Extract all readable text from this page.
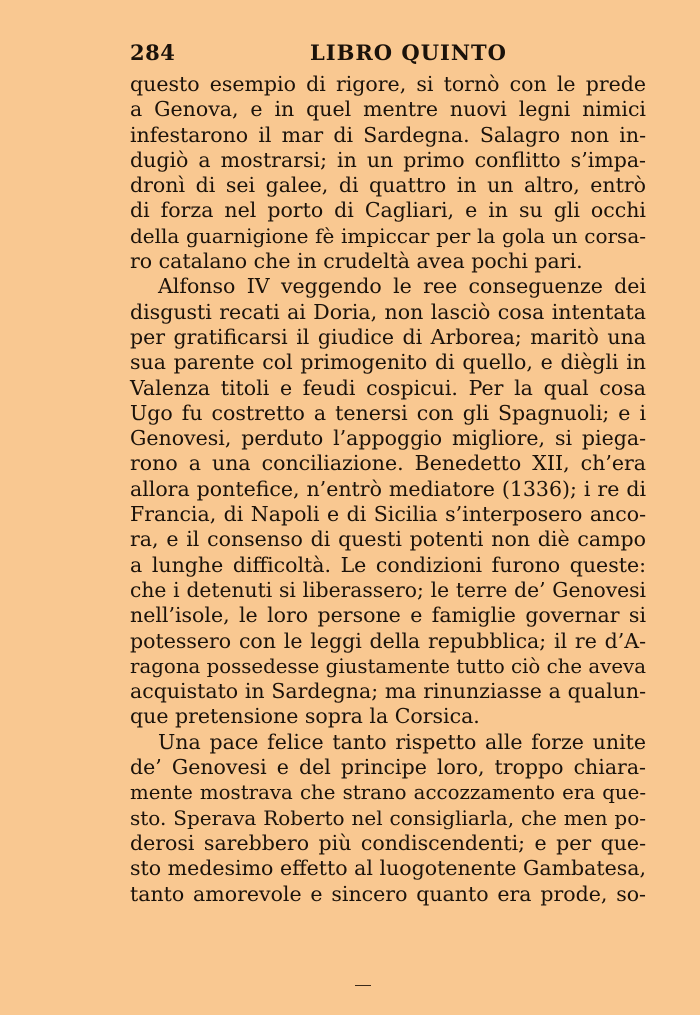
284	LIBRO QUINTO
questo esempio di rigore, si tornò con le prede
a Genova, e in quel mentre nuovi legni nimici
infestarono il mar di Sardegna. Salagro non in-
dugiò a mostrarsi; in un primo conflitto s’impa-
dronì di sei galee, di quattro in un altro, entrò
di forza nel porto di Cagliari, e in su gli occhi
della guarnigione fè impiccar per la gola un corsa-
ro catalano che in crudeltà avea pochi pari.
Alfonso IV veggendo le ree conseguenze dei
disgusti recati ai Doria, non lasciò cosa intentata
per gratificarsi il giudice di Arborea; maritò una
sua parente col primogenito di quello, e diègli in
Valenza titoli e feudi cospicui. Per la qual cosa
Ugo fu costretto a tenersi con gli Spagnuoli; e i
Genovesi, perduto l’appoggio migliore, si piega-
rono a una conciliazione. Benedetto XII, ch’era
allora pontefice, n’entrò mediatore (1336); i re di
Francia, di Napoli e di Sicilia s’interposero anco-
ra, e il consenso di questi potenti non diè campo
a lunghe difficoltà. Le condizioni furono queste:
che i detenuti si liberassero; le terre de’ Genovesi
nell’isole, le loro persone e famiglie governar si
potessero con le leggi della repubblica; il re d’A-
ragona possedesse giustamente tutto ciò che aveva
acquistato in Sardegna; ma rinunziasse a qualun-
que pretensione sopra la Corsica.
Una pace felice tanto rispetto alle forze unite
de’ Genovesi e del principe loro, troppo chiara-
mente mostrava che strano accozzamento era que-
sto. Sperava Roberto nel consigliarla, che men po-
derosi sarebbero più condiscendenti; e per que-
sto medesimo effetto al luogotenente Gambatesa,
tanto amorevole e sincero quanto era prode, so-
